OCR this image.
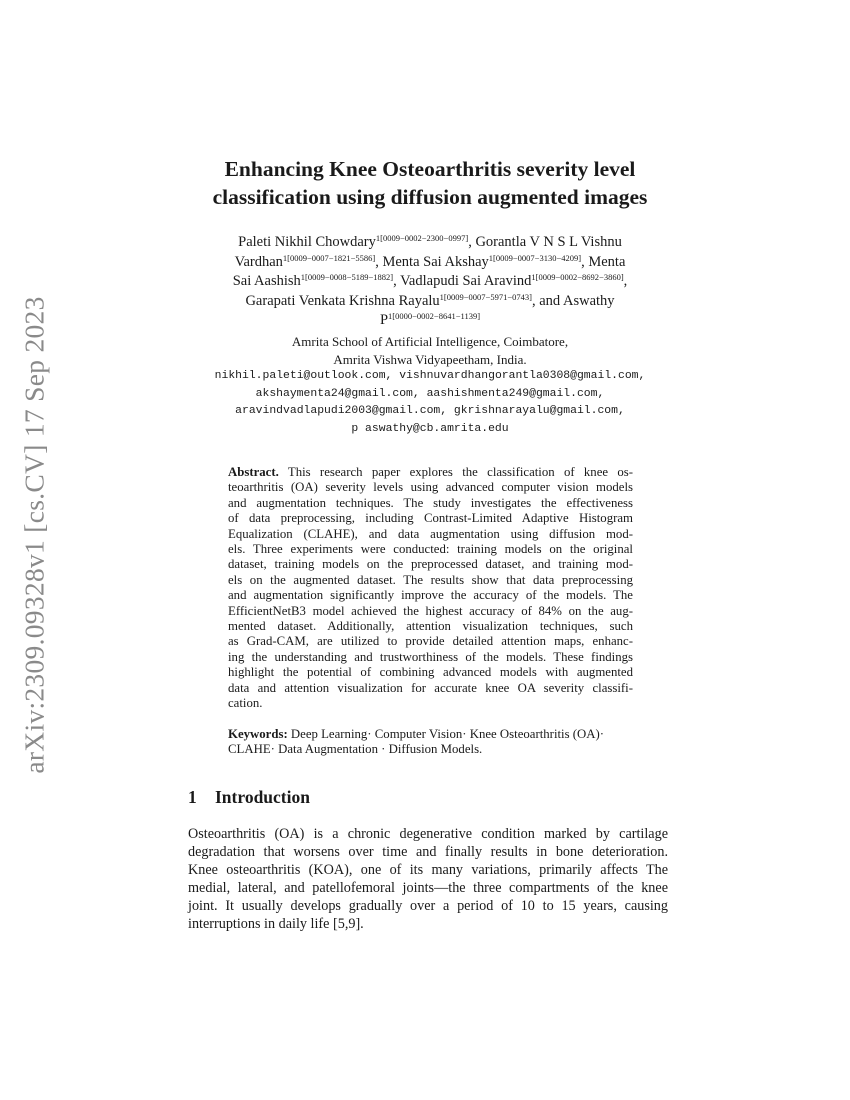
arXiv:2309.09328v1 [cs.CV] 17 Sep 2023
Enhancing Knee Osteoarthritis severity level
classification using diffusion augmented images
Paleti Nikhil Chowdary$^{1[0009-0002-2300-0997]}$, Gorantla V N S L Vishnu
Vardhan$^{1[0009-0007-1821-5586]}$, Menta Sai Akshay$^{1[0009-0007-3130-4209]}$, Menta
Sai Aashish$^{1[0009-0008-5189-1882]}$, Vadlapudi Sai Aravind$^{1[0009-0002-8692-3860]}$,
Garapati Venkata Krishna Rayalu$^{1[0009-0007-5971-0743]}$, and Aswathy
$P^{1[0000-0002-8641-1139]}$
Amrita School of Artificial Intelligence, Coimbatore,
Amrita Vishwa Vidyapeetham, India.
nikhil.paleti@outlook.com, vishnuvardhangorantla0308@gmail.com,
akshaymenta24@gmail.com, aashishmenta249@gmail.com,
aravindvadlapudi2003@gmail.com, gkrishnarayalu@gmail.com,
p aswathy@cb.amrita.edu
Abstract. This research paper explores the classification of knee os-
teoarthritis (OA) severity levels using advanced computer vision models
and augmentation techniques. The study investigates the effectiveness
of data preprocessing, including Contrast-Limited Adaptive Histogram
Equalization (CLAHE), and data augmentation using diffusion mod-
els. Three experiments were conducted: training models on the original
dataset, training models on the preprocessed dataset, and training mod-
els on the augmented dataset. The results show that data preprocessing
and augmentation significantly improve the accuracy of the models. The
EfficientNetB3 model achieved the highest accuracy of 84% on the aug-
mented dataset. Additionally, attention visualization techniques, such
as Grad-CAM, are utilized to provide detailed attention maps, enhanc-
ing the understanding and trustworthiness of the models. These findings
highlight the potential of combining advanced models with augmented
data and attention visualization for accurate knee OA severity classifi-
cation.
Keywords: Deep Learning· Computer Vision· Knee Osteoarthritis (OA)·
CLAHE· Data Augmentation · Diffusion Models.
1 Introduction
Osteoarthritis (OA) is a chronic degenerative condition marked by cartilage
degradation that worsens over time and finally results in bone deterioration.
Knee osteoarthritis (KOA), one of its many variations, primarily affects The
medial, lateral, and patellofemoral joints—the three compartments of the knee
joint. It usually develops gradually over a period of 10 to 15 years, causing
interruptions in daily life [5,9].
